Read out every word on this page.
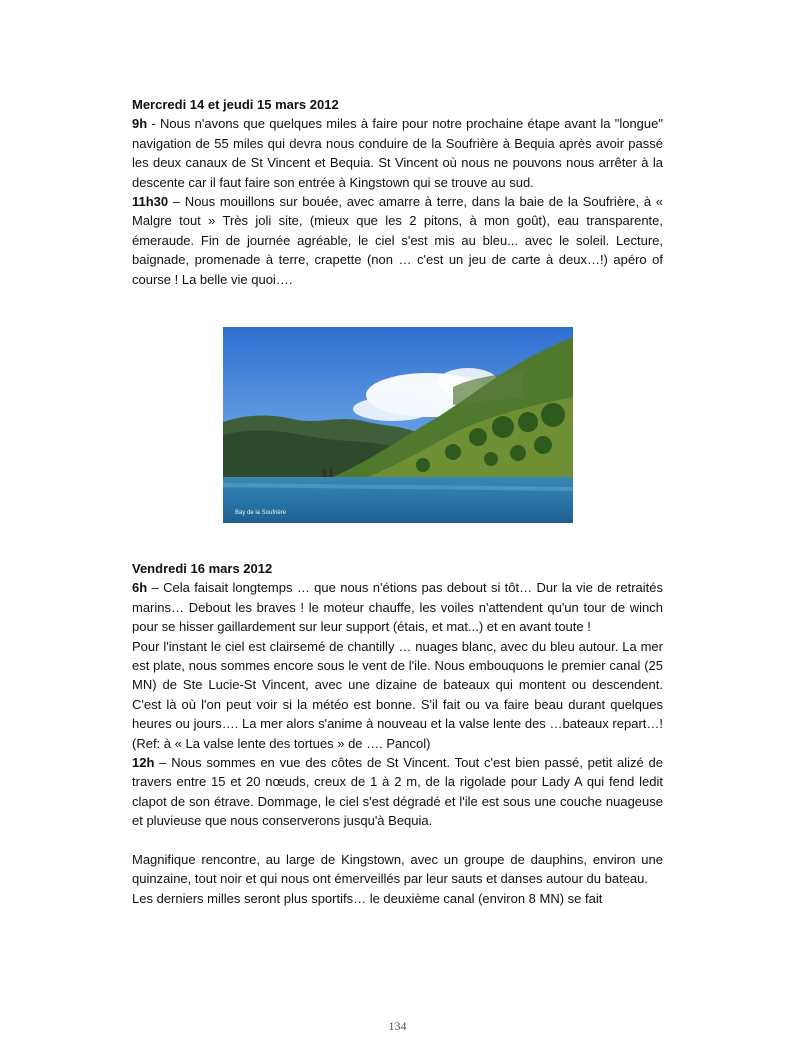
Mercredi 14 et jeudi 15 mars 2012

9h - Nous n'avons que quelques miles à faire pour notre prochaine étape avant la "longue" navigation de 55 miles qui devra nous conduire de la Soufrière à Bequia après avoir passé les deux canaux de St Vincent et Bequia. St Vincent où nous ne pouvons nous arrêter à la descente car il faut faire son entrée à Kingstown qui se trouve au sud.

11h30 – Nous mouillons sur bouée, avec amarre à terre, dans la baie de la Soufrière, à « Malgre tout » Très joli site, (mieux que les 2 pitons, à mon goût), eau transparente, émeraude. Fin de journée agréable, le ciel s'est mis au bleu... avec le soleil. Lecture, baignade, promenade à terre, crapette (non … c'est un jeu de carte à deux…!) apéro of course ! La belle vie quoi….

Bay de la Soufrière
Vendredi 16 mars 2012

6h – Cela faisait longtemps … que nous n'étions pas debout si tôt… Dur la vie de retraités marins… Debout les braves ! le moteur chauffe, les voiles n'attendent qu'un tour de winch pour se hisser gaillardement sur leur support (étais, et mat...) et en avant toute !

Pour l'instant le ciel est clairsemé de chantilly … nuages blanc, avec du bleu autour. La mer est plate, nous sommes encore sous le vent de l'ile. Nous embouquons le premier canal (25 MN) de Ste Lucie-St Vincent, avec une dizaine de bateaux qui montent ou descendent. C'est là où l'on peut voir si la météo est bonne. S'il fait ou va faire beau durant quelques heures ou jours…. La mer alors s'anime à nouveau et la valse lente des …bateaux repart…! (Ref: à « La valse lente des tortues » de …. Pancol)

12h – Nous sommes en vue des côtes de St Vincent. Tout c'est bien passé, petit alizé de travers entre 15 et 20 nœuds, creux de 1 à 2 m, de la rigolade pour Lady A qui fend ledit clapot de son étrave. Dommage, le ciel s'est dégradé et l'ile est sous une couche nuageuse et pluvieuse que nous conserverons jusqu'à Bequia.

Magnifique rencontre, au large de Kingstown, avec un groupe de dauphins, environ une quinzaine, tout noir et qui nous ont émerveillés par leur sauts et danses autour du bateau.

Les derniers milles seront plus sportifs… le deuxième canal (environ 8 MN) se fait

134
